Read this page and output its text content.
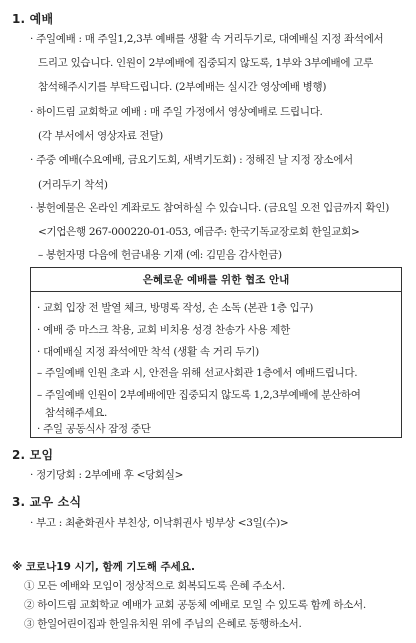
1. 예배
· 주일예배 : 매 주일1,2,3부 예배를 생활 속 거리두기로, 대예배실 지정 좌석에서
드리고 있습니다. 인원이 2부예배에 집중되지 않도록, 1부와 3부예배에 고루
참석해주시기를 부탁드립니다. (2부예배는 실시간 영상예배 병행)
· 하이드림 교회학교 예배 : 매 주일 가정에서 영상예배로 드립니다.
(각 부서에서 영상자료 전달)
· 주중 예배(수요예배, 금요기도회, 새벽기도회) : 정해진 날 지정 장소에서
(거리두기 착석)
· 봉헌예물은 온라인 계좌로도 참여하실 수 있습니다. (금요일 오전 입금까지 확인)
<기업은행 267-000220-01-053, 예금주: 한국기독교장로회 한일교회>
– 봉헌자명 다음에 헌금내용 기재 (예: 김믿음 감사헌금)
은혜로운 예배를 위한 협조 안내
· 교회 입장 전 발열 체크, 방명록 작성, 손 소독 (본관 1층 입구)
· 예배 중 마스크 착용, 교회 비치용 성경 찬송가 사용 제한
· 대예배실 지정 좌석에만 착석 (생활 속 거리 두기)
– 주일예배 인원 초과 시, 안전을 위해 선교사회관 1층에서 예배드립니다.
– 주일예배 인원이 2부예배에만 집중되지 않도록 1,2,3부예배에 분산하여
참석해주세요.
· 주일 공동식사 잠정 중단
2. 모임
· 정기당회 : 2부예배 후 <당회실>
3. 교우 소식
· 부고 : 최춘화권사 부친상, 이낙휘권사 빙부상 <3일(수)>
※ 코로나19 시기, 함께 기도해 주세요.
① 모든 예배와 모임이 정상적으로 회복되도록 은혜 주소서.
② 하이드림 교회학교 예배가 교회 공동체 예배로 모일 수 있도록 함께 하소서.
③ 한일어린이집과 한일유치원 위에 주님의 은혜로 동행하소서.
